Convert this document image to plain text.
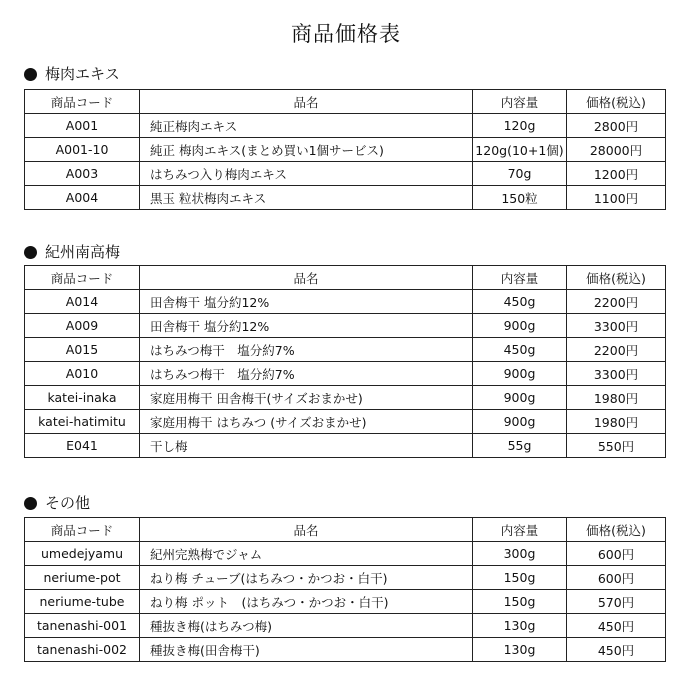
商品価格表
梅肉エキス
商品コード	品名	内容量	価格(税込)
A001	純正梅肉エキス	120g	2800円
A001-10	純正 梅肉エキス(まとめ買い1個サービス)	120g(10+1個)	28000円
A003	はちみつ入り梅肉エキス	70g	1200円
A004	黒玉 粒状梅肉エキス	150粒	1100円
紀州南高梅
商品コード	品名	内容量	価格(税込)
A014	田舎梅干 塩分約12%	450g	2200円
A009	田舎梅干 塩分約12%	900g	3300円
A015	はちみつ梅干　塩分約7%	450g	2200円
A010	はちみつ梅干　塩分約7%	900g	3300円
katei-inaka	家庭用梅干 田舎梅干(サイズおまかせ)	900g	1980円
katei-hatimitu	家庭用梅干 はちみつ (サイズおまかせ)	900g	1980円
E041	干し梅	55g	550円
その他
商品コード	品名	内容量	価格(税込)
umedejyamu	紀州完熟梅でジャム	300g	600円
neriume-pot	ねり梅 チューブ(はちみつ・かつお・白干)	150g	600円
neriume-tube	ねり梅 ポット　(はちみつ・かつお・白干)	150g	570円
tanenashi-001	種抜き梅(はちみつ梅)	130g	450円
tanenashi-002	種抜き梅(田舎梅干)	130g	450円
